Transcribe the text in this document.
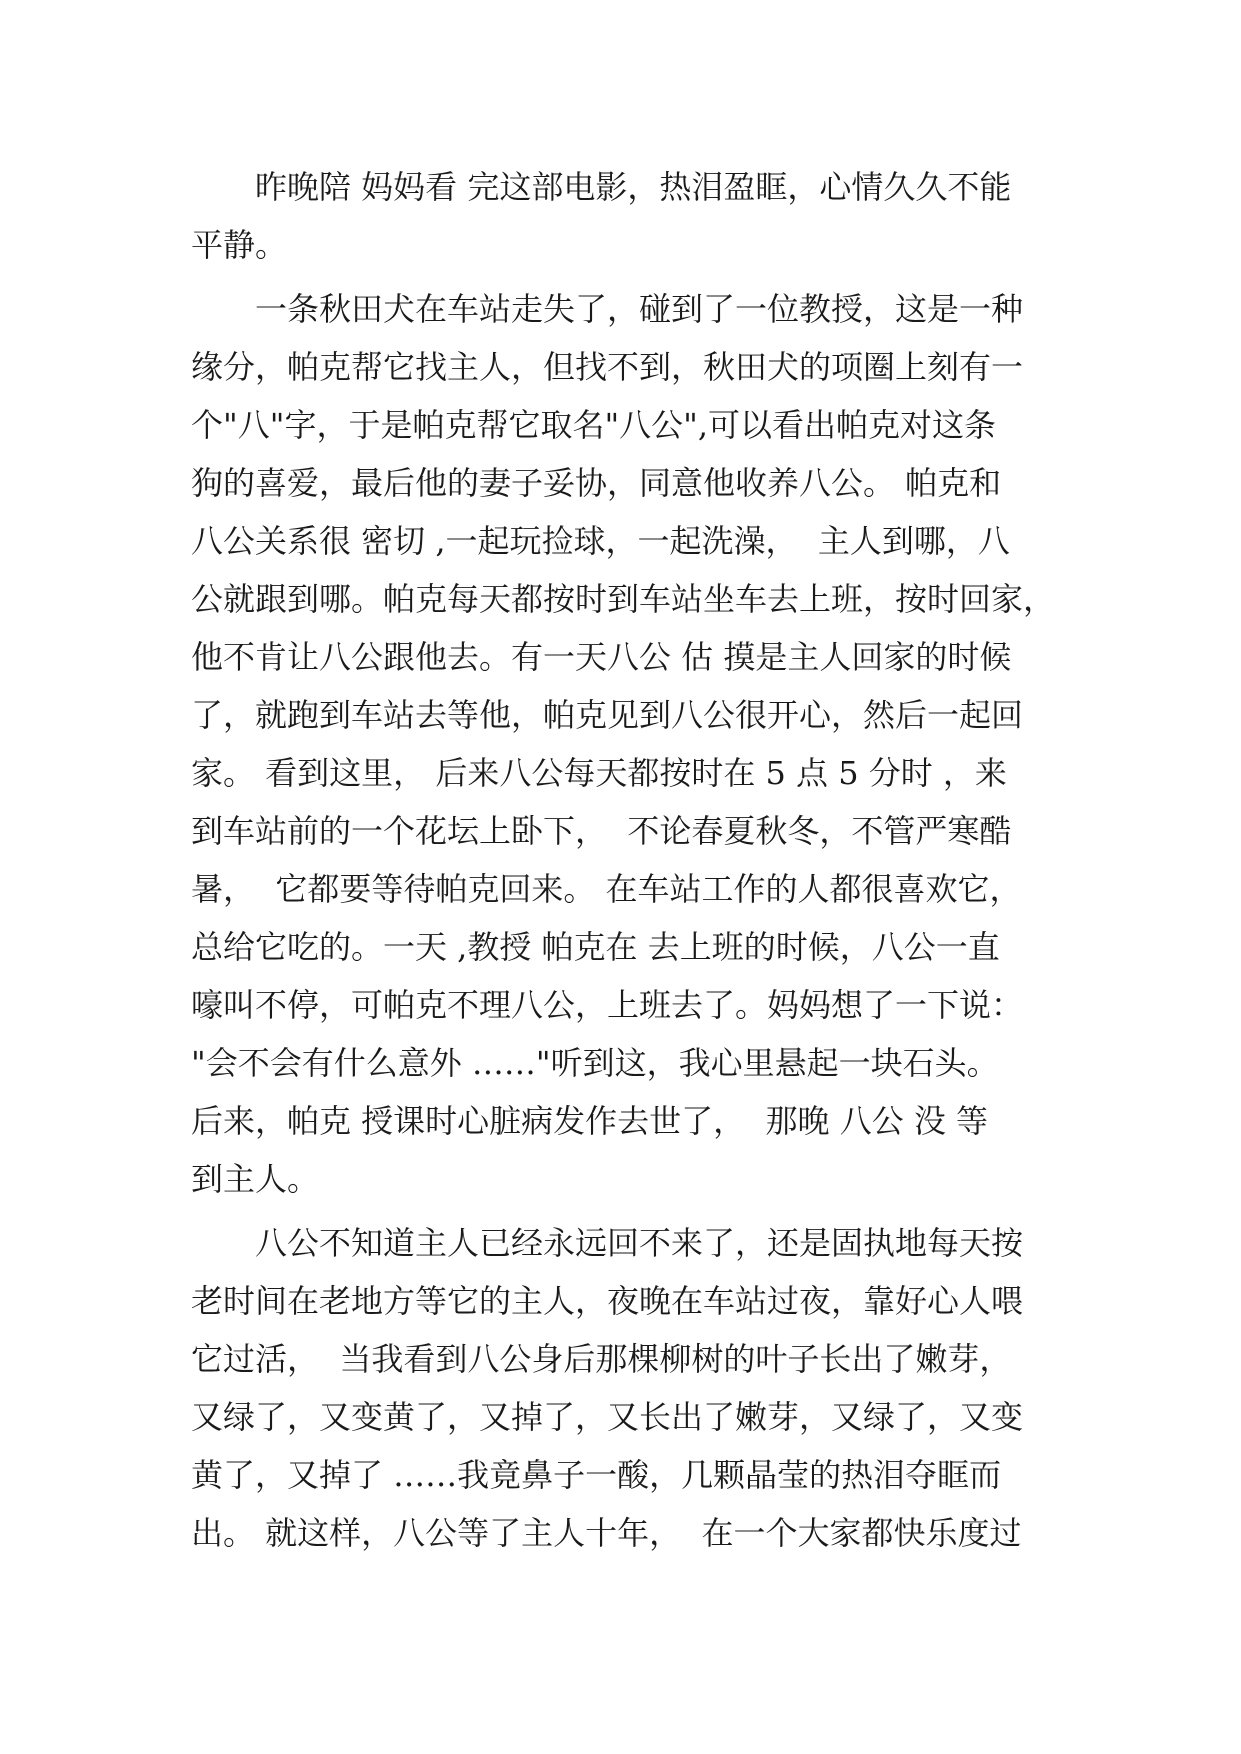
　　昨晚陪 妈妈看 完这部电影，热泪盈眶，心情久久不能
平静。
　　一条秋田犬在车站走失了，碰到了一位教授，这是一种
缘分，帕克帮它找主人，但找不到，秋田犬的项圈上刻有一
个"八"字，于是帕克帮它取名"八公",可以看出帕克对这条
狗的喜爱，最后他的妻子妥协，同意他收养八公。 帕克和
八公关系很 密切 ,一起玩捡球，一起洗澡，  主人到哪，八
公就跟到哪。帕克每天都按时到车站坐车去上班，按时回家，
他不肯让八公跟他去。有一天八公 估 摸是主人回家的时候
了，就跑到车站去等他，帕克见到八公很开心，然后一起回
家。 看到这里， 后来八公每天都按时在 5 点 5 分时 ，来
到车站前的一个花坛上卧下，  不论春夏秋冬，不管严寒酷
暑，  它都要等待帕克回来。 在车站工作的人都很喜欢它，
总给它吃的。一天 ,教授 帕克在 去上班的时候，八公一直
嚎叫不停，可帕克不理八公，上班去了。妈妈想了一下说：
"会不会有什么意外 ……"听到这，我心里悬起一块石头。
后来，帕克 授课时心脏病发作去世了，  那晚 八公 没 等
到主人。
　　八公不知道主人已经永远回不来了，还是固执地每天按
老时间在老地方等它的主人，夜晚在车站过夜，靠好心人喂
它过活，  当我看到八公身后那棵柳树的叶子长出了嫩芽，
又绿了，又变黄了，又掉了，又长出了嫩芽，又绿了，又变
黄了，又掉了 ……我竟鼻子一酸，几颗晶莹的热泪夺眶而
出。 就这样，八公等了主人十年，  在一个大家都快乐度过
